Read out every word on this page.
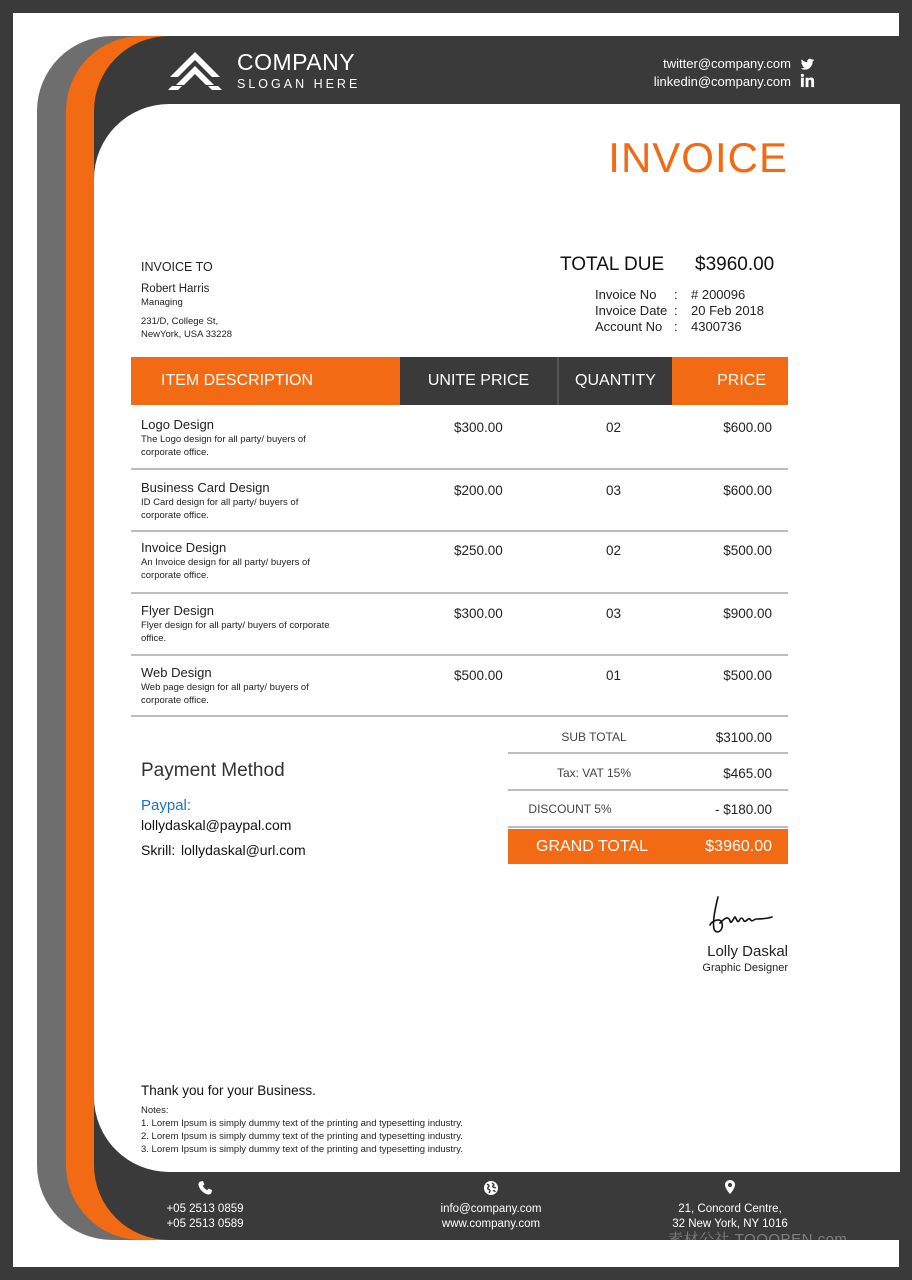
COMPANY
SLOGAN HERE
twitter@company.com
linkedin@company.com
INVOICE
INVOICE TO
Robert Harris
Managing
231/D, College St,
NewYork, USA 33228
TOTAL DUE $3960.00
Invoice No : # 200096
Invoice Date : 20 Feb 2018
Account No : 4300736
ITEM DESCRIPTION	UNITE PRICE	QUANTITY	PRICE
Logo Design
The Logo design for all party/ buyers of corporate office.
$300.00	02	$600.00
Business Card Design
ID Card design for all party/ buyers of corporate office.
$200.00	03	$600.00
Invoice Design
An Invoice design for all party/ buyers of corporate office.
$250.00	02	$500.00
Flyer Design
Flyer design for all party/ buyers of corporate office.
$300.00	03	$900.00
Web Design
Web page design for all party/ buyers of corporate office.
$500.00	01	$500.00
SUB TOTAL	$3100.00
Tax: VAT 15%	$465.00
DISCOUNT 5%	- $180.00
GRAND TOTAL	$3960.00
Payment Method
Paypal:
lollydaskal@paypal.com
Skrill: lollydaskal@url.com
Lolly Daskal
Graphic Designer
Thank you for your Business.
Notes:
1. Lorem Ipsum is simply dummy text of the printing and typesetting industry.
2. Lorem Ipsum is simply dummy text of the printing and typesetting industry.
3. Lorem Ipsum is simply dummy text of the printing and typesetting industry.
+05 2513 0859
+05 2513 0589
info@company.com
www.company.com
21, Concord Centre,
32 New York, NY 1016
素材公社 TOOOPEN.com
